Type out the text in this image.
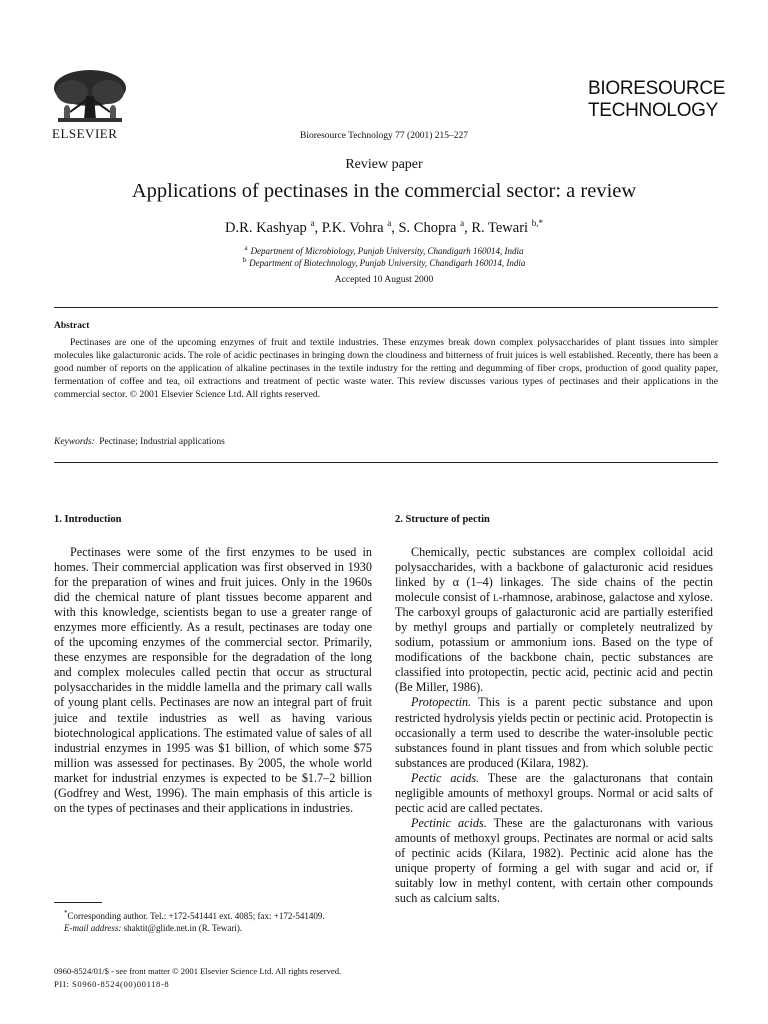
ELSEVIER	Bioresource Technology 77 (2001) 215–227
BIORESOURCE
TECHNOLOGY
Review paper
Applications of pectinases in the commercial sector: a review
D.R. Kashyap $^a$, P.K. Vohra $^a$, S. Chopra $^a$, R. Tewari $^{b,*}$
$^a$ Department of Microbiology, Punjab University, Chandigarh 160014, India
$^b$ Department of Biotechnology, Punjab University, Chandigarh 160014, India
Accepted 10 August 2000
Abstract
Pectinases are one of the upcoming enzymes of fruit and textile industries. These enzymes break down complex polysaccharides of plant tissues into simpler molecules like galacturonic acids. The role of acidic pectinases in bringing down the cloudiness and bitterness of fruit juices is well established. Recently, there has been a good number of reports on the application of alkaline pectinases in the textile industry for the retting and degumming of fiber crops, production of good quality paper, fermentation of coffee and tea, oil extractions and treatment of pectic waste water. This review discusses various types of pectinases and their applications in the commercial sector. © 2001 Elsevier Science Ltd. All rights reserved.
Keywords: Pectinase; Industrial applications
1. Introduction	2. Structure of pectin

Pectinases were some of the first enzymes to be used in homes. Their commercial application was first observed in 1930 for the preparation of wines and fruit juices. Only in the 1960s did the chemical nature of plant tissues become apparent and with this knowledge, scientists began to use a greater range of enzymes more efficiently. As a result, pectinases are today one of the upcoming enzymes of the commercial sector. Primarily, these enzymes are responsible for the degradation of the long and complex molecules called pectin that occur as structural polysaccharides in the middle lamella and the primary call walls of young plant cells. Pectinases are now an integral part of fruit juice and textile industries as well as having various biotechnological applications. The estimated value of sales of all industrial enzymes in 1995 was $1 billion, of which some $75 million was assessed for pectinases. By 2005, the whole world market for industrial enzymes is expected to be $1.7–2 billion (Godfrey and West, 1996). The main emphasis of this article is on the types of pectinases and their applications in industries.

Chemically, pectic substances are complex colloidal acid polysaccharides, with a backbone of galacturonic acid residues linked by α (1–4) linkages. The side chains of the pectin molecule consist of l-rhamnose, arabinose, galactose and xylose. The carboxyl groups of galacturonic acid are partially esterified by methyl groups and partially or completely neutralized by sodium, potassium or ammonium ions. Based on the type of modifications of the backbone chain, pectic substances are classified into protopectin, pectic acid, pectinic acid and pectin (Be Miller, 1986).

Protopectin. This is a parent pectic substance and upon restricted hydrolysis yields pectin or pectinic acid. Protopectin is occasionally a term used to describe the water-insoluble pectic substances found in plant tissues and from which soluble pectic substances are produced (Kilara, 1982).

Pectic acids. These are the galacturonans that contain negligible amounts of methoxyl groups. Normal or acid salts of pectic acid are called pectates.

Pectinic acids. These are the galacturonans with various amounts of methoxyl groups. Pectinates are normal or acid salts of pectinic acids (Kilara, 1982). Pectinic acid alone has the unique property of forming a gel with sugar and acid or, if suitably low in methyl content, with certain other compounds such as calcium salts.

*Corresponding author. Tel.: +172-541441 ext. 4085; fax: +172-541409.

E-mail address: shaktit@glide.net.in (R. Tewari).

0960-8524/01/$ - see front matter © 2001 Elsevier Science Ltd. All rights reserved.
PII: S0960-8524(00)00118-8
